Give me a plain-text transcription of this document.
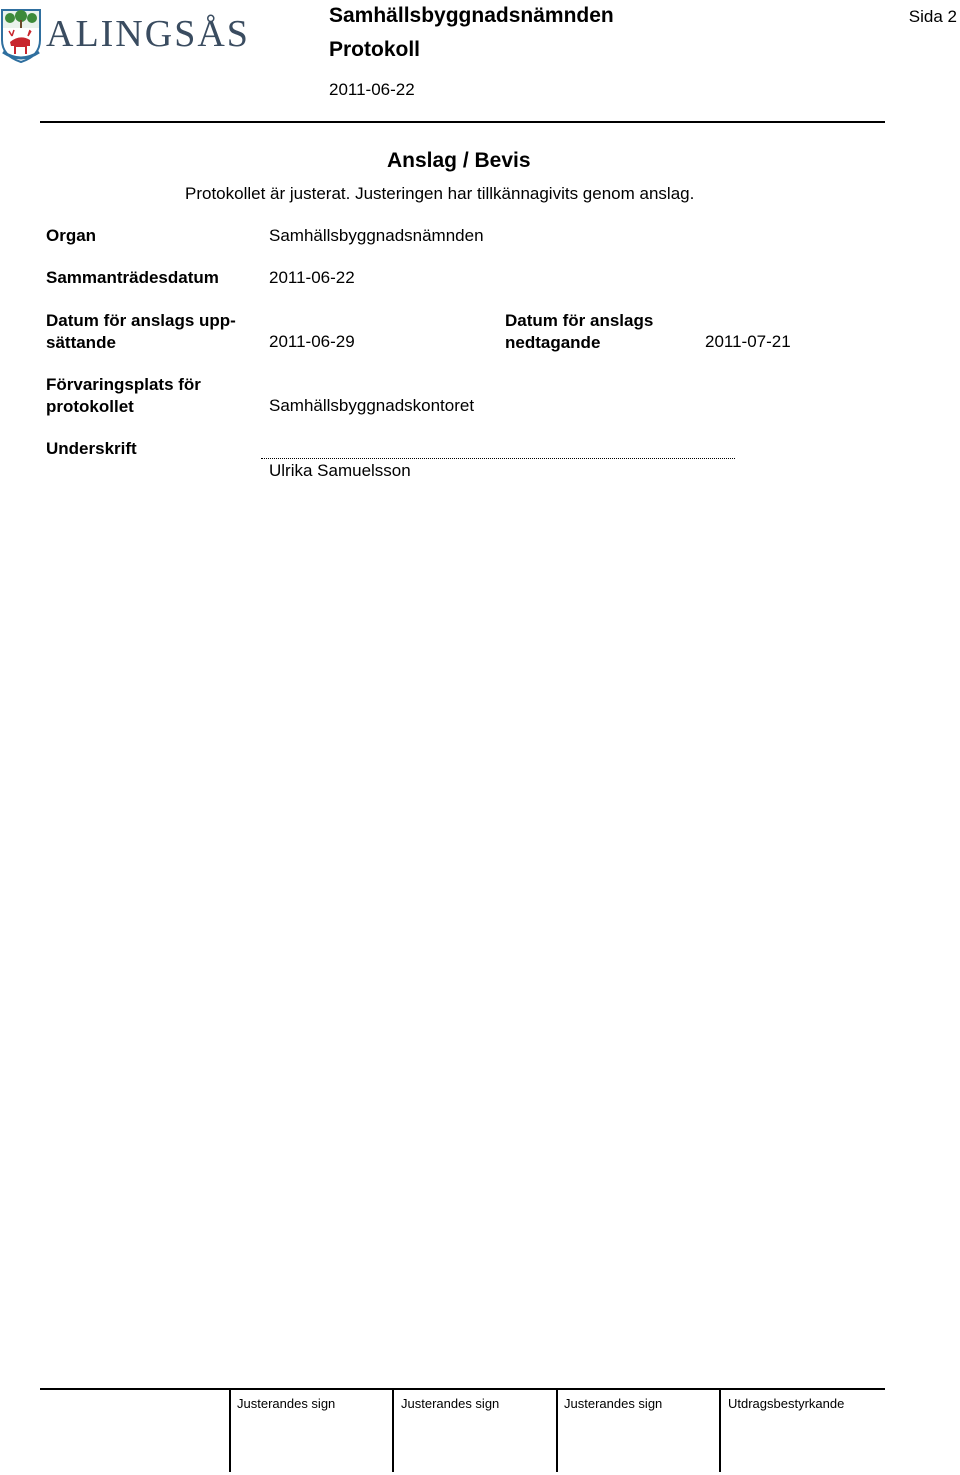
ALINGSÅS	Samhällsbyggnadsnämnden
Protokoll
2011-06-22
Sida 2
Anslag / Bevis
Protokollet är justerat. Justeringen har tillkännagivits genom anslag.
Organ	Samhällsbyggnadsnämnden
Sammanträdesdatum	2011-06-22
Datum för anslags upp-sättande	2011-06-29
Datum för anslags nedtagande	2011-07-21
Förvaringsplats för protokollet	Samhällsbyggnadskontoret
Underskrift
Ulrika Samuelsson
Justerandes sign	Justerandes sign	Justerandes sign	Utdragsbestyrkande
